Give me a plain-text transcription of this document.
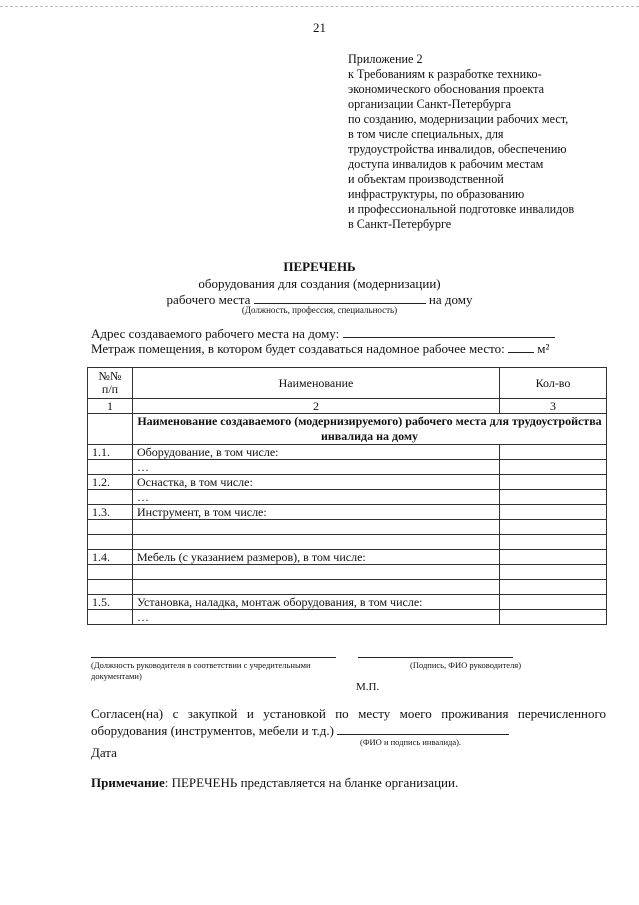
21
Приложение 2
к Требованиям к разработке технико-
экономического обоснования проекта
организации Санкт-Петербурга
по созданию, модернизации рабочих мест,
в том числе специальных, для
трудоустройства инвалидов, обеспечению
доступа инвалидов к рабочим местам
и объектам производственной
инфраструктуры, по образованию
и профессиональной подготовке инвалидов
в Санкт-Петербурге
ПЕРЕЧЕНЬ
оборудования для создания (модернизации)
рабочего места	на дому
(Должность, профессия, специальность)
Адрес создаваемого рабочего места на дому:
Метраж помещения, в котором будет создаваться надомное рабочее место:	м²
№№
п/п	Наименование	Кол-во
1	2	3
	Наименование создаваемого (модернизируемого) рабочего места для трудоустройства инвалида на дому	
1.1.	Оборудование, в том числе:	
	…	
1.2.	Оснастка, в том числе:	
	…	
1.3.	Инструмент, в том числе:	

1.4.	Мебель (с указанием размеров), в том числе:	

1.5.	Установка, наладка, монтаж оборудования, в том числе:	
	…	
(Должность руководителя в соответствии с учредительными
документами)
(Подпись, ФИО руководителя)
М.П.
Согласен(на) с закупкой и установкой по месту моего проживания перечисленного оборудования (инструментов, мебели и т.д.)
(ФИО и подпись инвалида).
Дата
Примечание: ПЕРЕЧЕНЬ представляется на бланке организации.
